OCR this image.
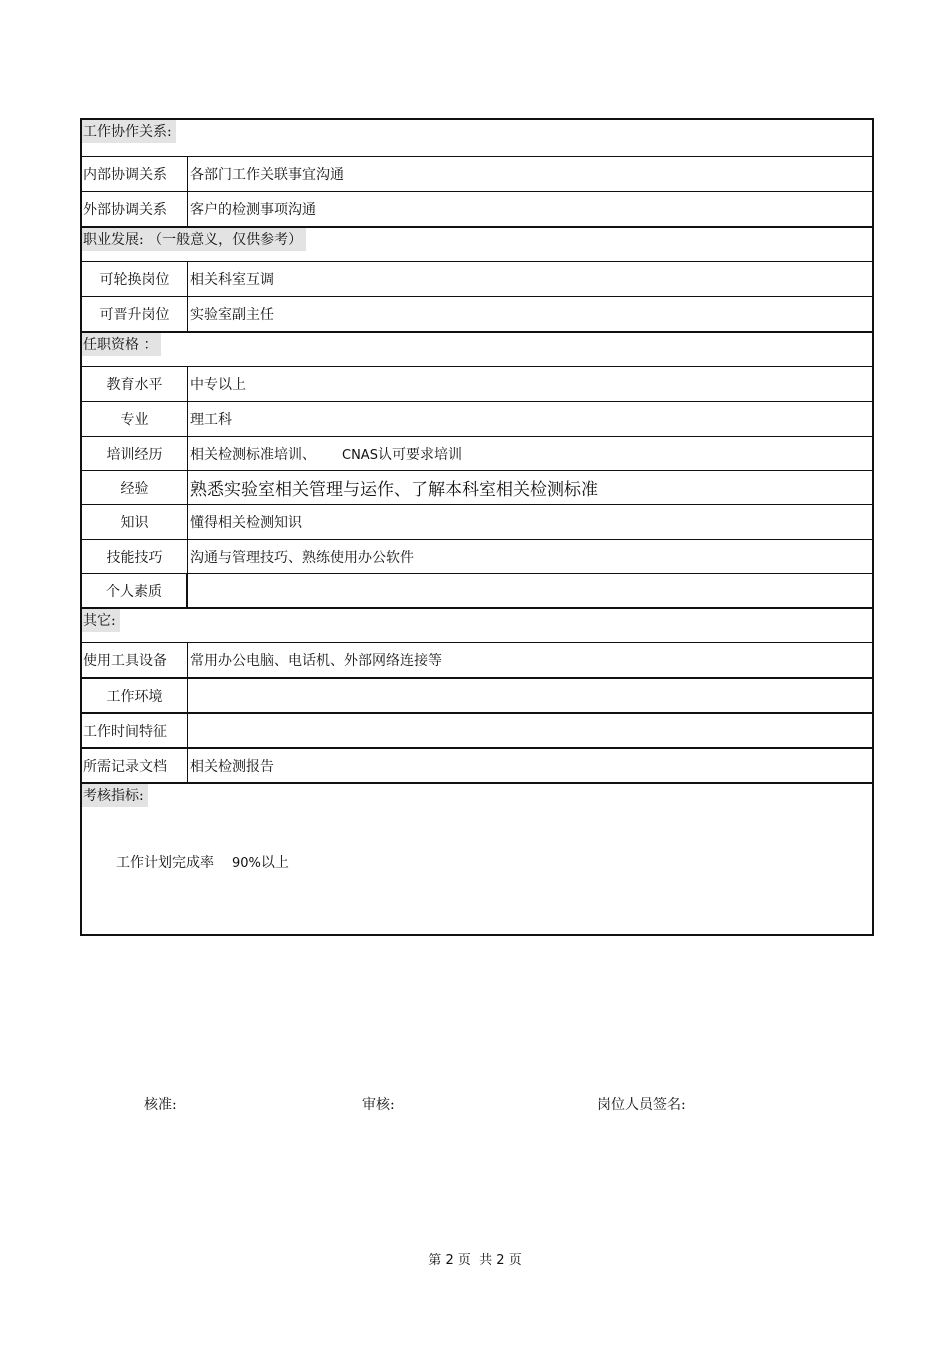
工作协作关系:
内部协调关系	各部门工作关联事宜沟通
外部协调关系	客户的检测事项沟通
职业发展: （一般意义，仅供参考）
可轮换岗位	相关科室互调
可晋升岗位	实验室副主任
任职资格 ：
教育水平	中专以上
专业	理工科
培训经历	相关检测标准培训、 CNAS认可要求培训
经验	熟悉实验室相关管理与运作、了解本科室相关检测标准
知识	懂得相关检测知识
技能技巧	沟通与管理技巧、熟练使用办公软件
个人素质
其它:
使用工具设备	常用办公电脑、电话机、外部网络连接等
工作环境
工作时间特征
所需记录文档	相关检测报告
考核指标:
工作计划完成率 90%以上
核准:	审核:	岗位人员签名:
第 2 页  共 2 页
